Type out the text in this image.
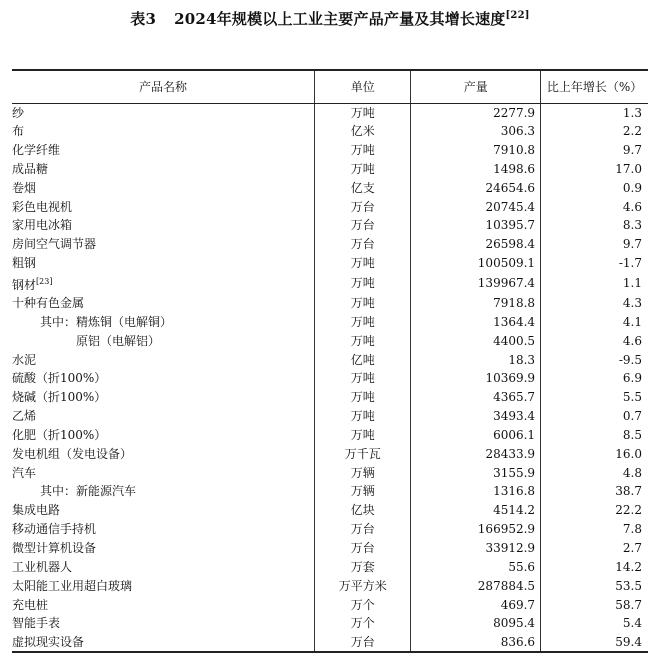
表3 2024年规模以上工业主要产品产量及其增长速度[22]
产品名称	单位	产量	比上年增长（%）
纱	万吨	2277.9	1.3
布	亿米	306.3	2.2
化学纤维	万吨	7910.8	9.7
成品糖	万吨	1498.6	17.0
卷烟	亿支	24654.6	0.9
彩色电视机	万台	20745.4	4.6
家用电冰箱	万台	10395.7	8.3
房间空气调节器	万台	26598.4	9.7
粗钢	万吨	100509.1	-1.7
钢材[23]	万吨	139967.4	1.1
十种有色金属	万吨	7918.8	4.3
其中：精炼铜（电解铜）	万吨	1364.4	4.1
原铝（电解铝）	万吨	4400.5	4.6
水泥	亿吨	18.3	-9.5
硫酸（折100%）	万吨	10369.9	6.9
烧碱（折100%）	万吨	4365.7	5.5
乙烯	万吨	3493.4	0.7
化肥（折100%）	万吨	6006.1	8.5
发电机组（发电设备）	万千瓦	28433.9	16.0
汽车	万辆	3155.9	4.8
其中：新能源汽车	万辆	1316.8	38.7
集成电路	亿块	4514.2	22.2
移动通信手持机	万台	166952.9	7.8
微型计算机设备	万台	33912.9	2.7
工业机器人	万套	55.6	14.2
太阳能工业用超白玻璃	万平方米	287884.5	53.5
充电桩	万个	469.7	58.7
智能手表	万个	8095.4	5.4
虚拟现实设备	万台	836.6	59.4
